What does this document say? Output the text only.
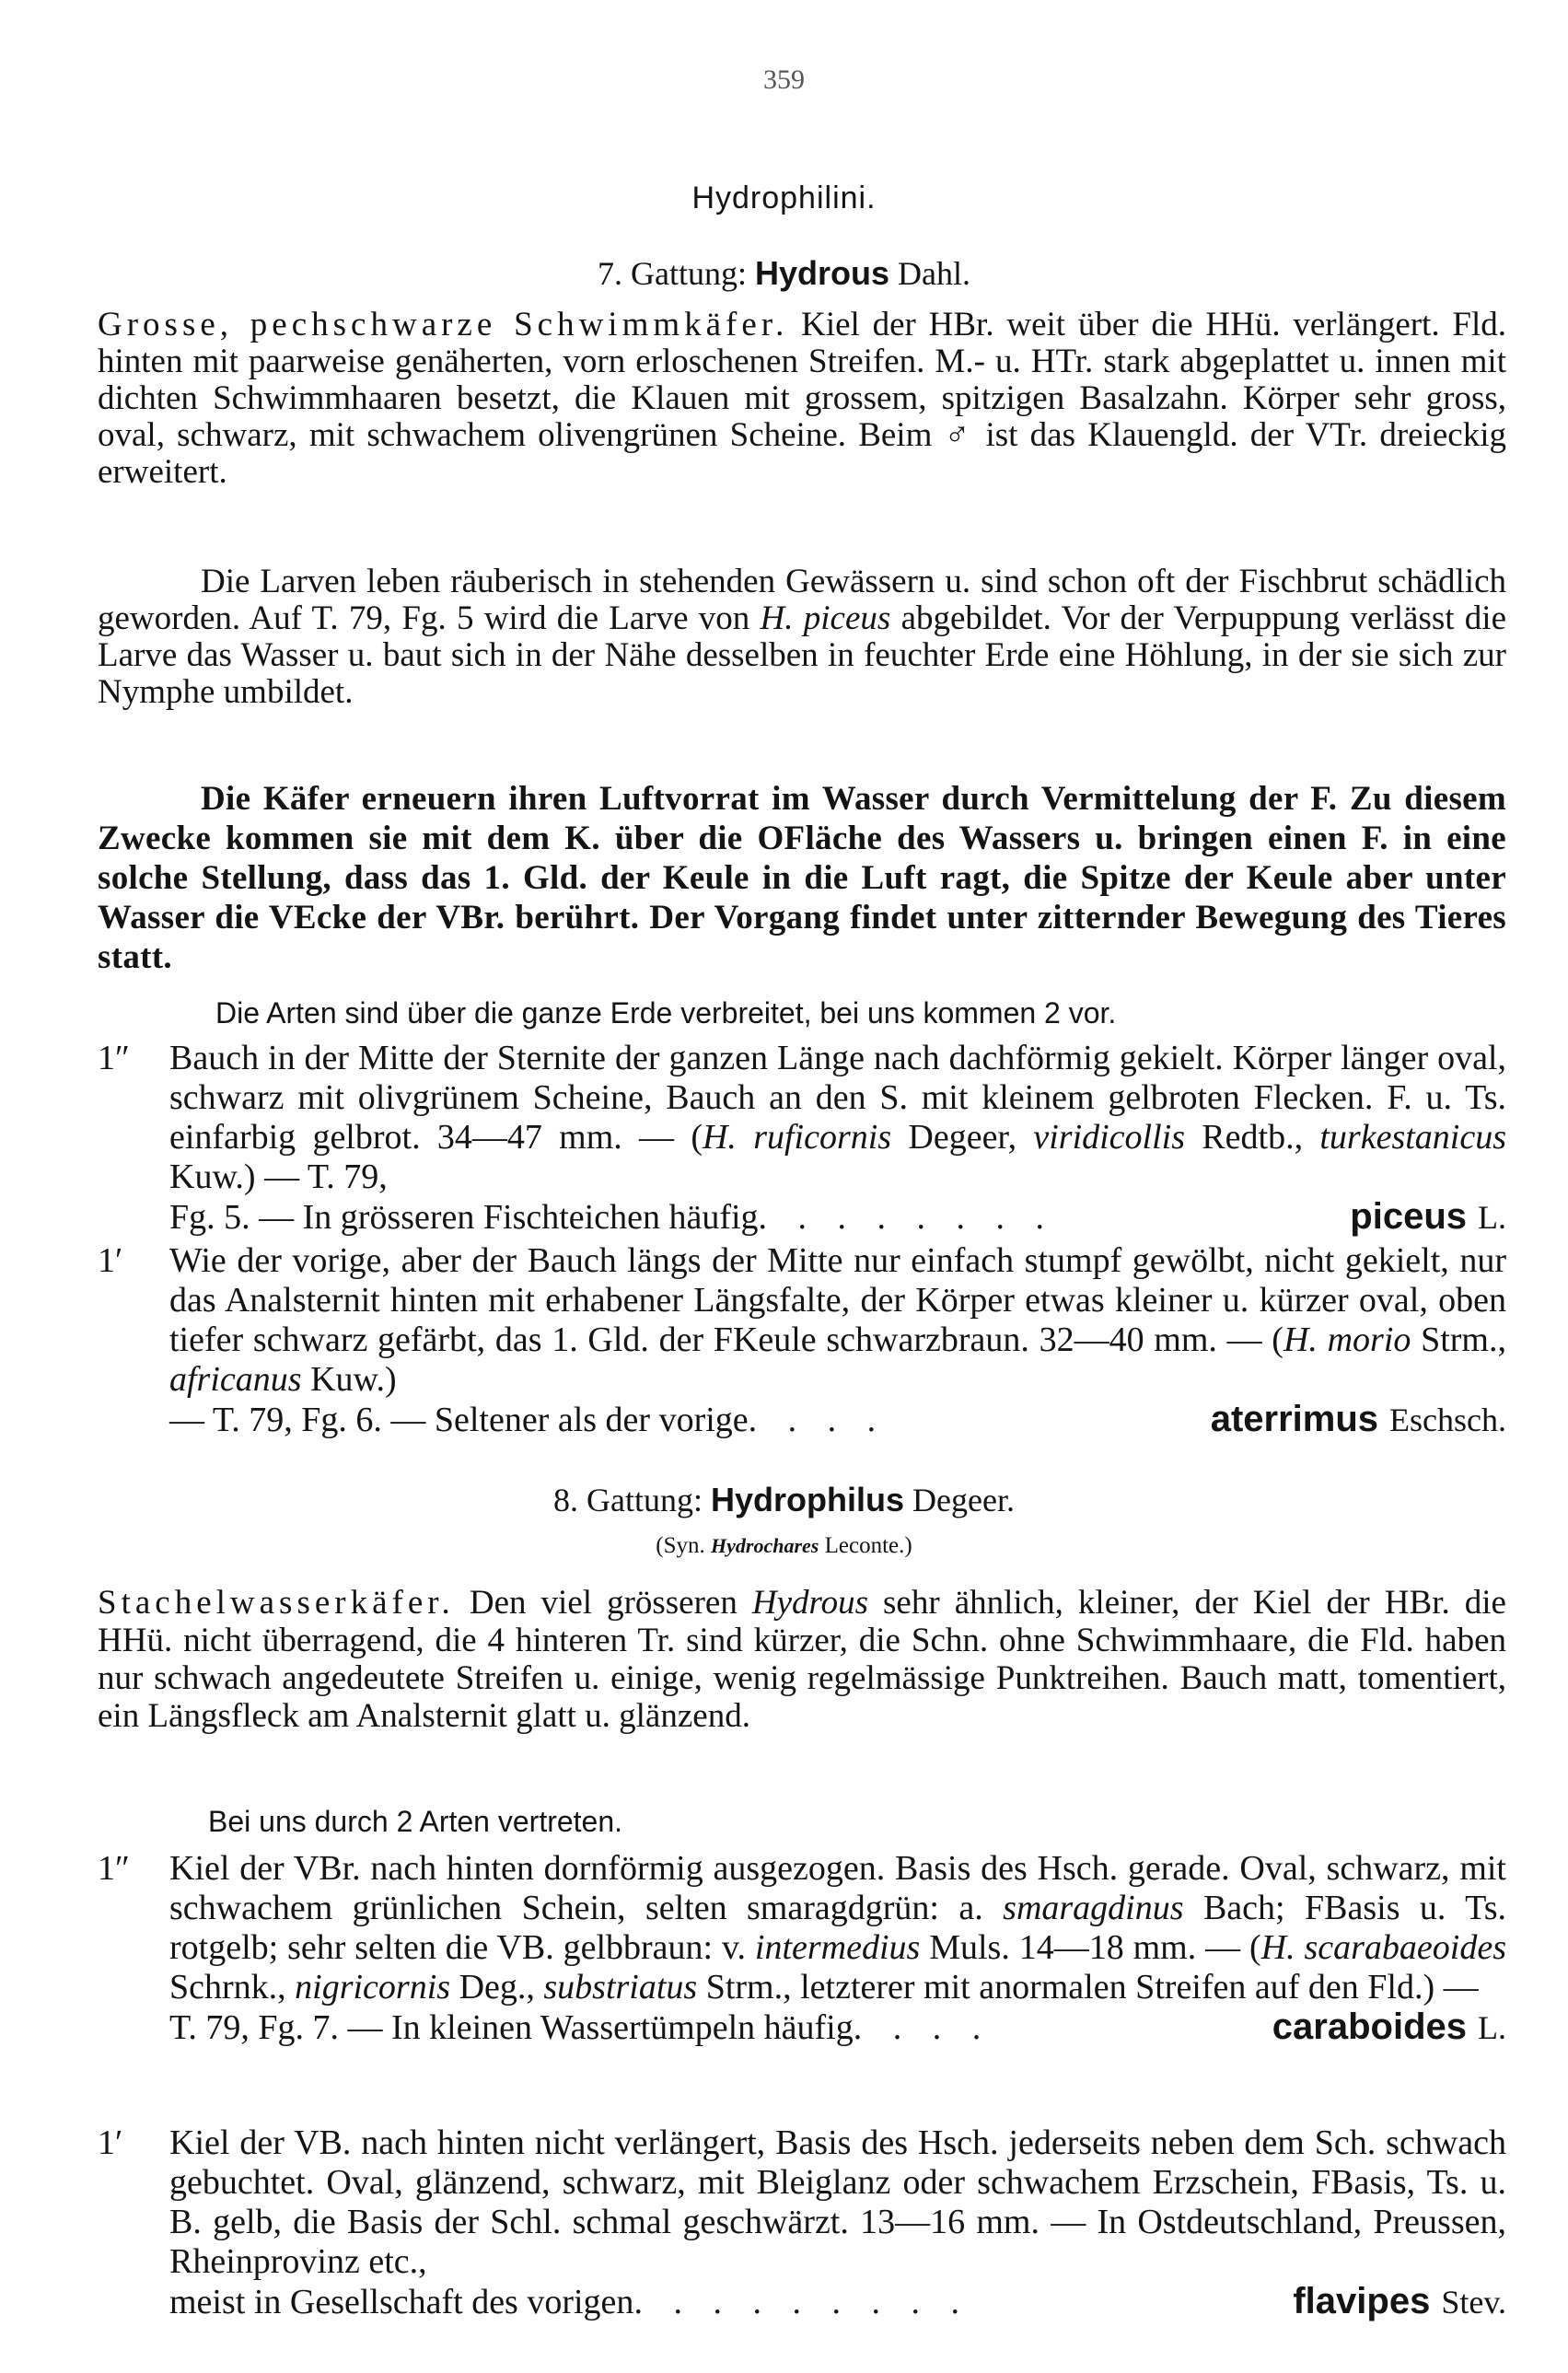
359
Hydrophilini.
7. Gattung: Hydrous Dahl.

Grosse, pechschwarze Schwimmkäfer. Kiel der HBr. weit über die HHü. verlängert. Fld. hinten mit paarweise genäherten, vorn erloschenen Streifen. M.- u. HTr. stark abgeplattet u. innen mit dichten Schwimmhaaren besetzt, die Klauen mit grossem, spitzigen Basalzahn. Körper sehr gross, oval, schwarz, mit schwachem olivengrünen Scheine. Beim ♂ ist das Klauengld. der VTr. dreieckig erweitert.

Die Larven leben räuberisch in stehenden Gewässern u. sind schon oft der Fischbrut schädlich geworden. Auf T. 79, Fg. 5 wird die Larve von H. piceus abgebildet. Vor der Verpuppung verlässt die Larve das Wasser u. baut sich in der Nähe desselben in feuchter Erde eine Höhlung, in der sie sich zur Nymphe umbildet.

Die Käfer erneuern ihren Luftvorrat im Wasser durch Vermittelung der F. Zu diesem Zwecke kommen sie mit dem K. über die OFläche des Wassers u. bringen einen F. in eine solche Stellung, dass das 1. Gld. der Keule in die Luft ragt, die Spitze der Keule aber unter Wasser die VEcke der VBr. berührt. Der Vorgang findet unter zitternder Bewegung des Tieres statt.

Die Arten sind über die ganze Erde verbreitet, bei uns kommen 2 vor.

1″	Bauch in der Mitte der Sternite der ganzen Länge nach dachförmig gekielt. Körper länger oval, schwarz mit olivgrünem Scheine, Bauch an den S. mit kleinem gelbroten Flecken. F. u. Ts. einfarbig gelbrot. 34—47 mm. — (H. ruficornis Degeer, viridicollis Redtb., turkestanicus Kuw.) — T. 79,
Fg. 5. — In grösseren Fischteichen häufig . . . . . . . .	piceus L.
1′	Wie der vorige, aber der Bauch längs der Mitte nur einfach stumpf gewölbt, nicht gekielt, nur das Analsternit hinten mit erhabener Längsfalte, der Körper etwas kleiner u. kürzer oval, oben tiefer schwarz gefärbt, das 1. Gld. der FKeule schwarzbraun. 32—40 mm. — (H. morio Strm., africanus Kuw.)
— T. 79, Fg. 6. — Seltener als der vorige . . . .	aterrimus Eschsch.
8. Gattung: Hydrophilus Degeer.
(Syn. Hydrochares Leconte.)

Stachelwasserkäfer. Den viel grösseren Hydrous sehr ähnlich, kleiner, der Kiel der HBr. die HHü. nicht überragend, die 4 hinteren Tr. sind kürzer, die Schn. ohne Schwimmhaare, die Fld. haben nur schwach angedeutete Streifen u. einige, wenig regelmässige Punktreihen. Bauch matt, tomentiert, ein Längsfleck am Analsternit glatt u. glänzend.

Bei uns durch 2 Arten vertreten.
1″	Kiel der VBr. nach hinten dornförmig ausgezogen. Basis des Hsch. gerade. Oval, schwarz, mit schwachem grünlichen Schein, selten smaragdgrün: a. smaragdinus Bach; FBasis u. Ts. rotgelb; sehr selten die VB. gelbbraun: v. intermedius Muls. 14—18 mm. — (H. scarabaeoides Schrnk., nigricornis Deg., substriatus Strm., letzterer mit anormalen Streifen auf den Fld.) —
T. 79, Fg. 7. — In kleinen Wassertümpeln häufig . . . .	caraboides L.
1′	Kiel der VB. nach hinten nicht verlängert, Basis des Hsch. jederseits neben dem Sch. schwach gebuchtet. Oval, glänzend, schwarz, mit Bleiglanz oder schwachem Erzschein, FBasis, Ts. u. B. gelb, die Basis der Schl. schmal geschwärzt. 13—16 mm. — In Ostdeutschland, Preussen, Rheinprovinz etc.,
meist in Gesellschaft des vorigen . . . . . . . . .	flavipes Stev.
